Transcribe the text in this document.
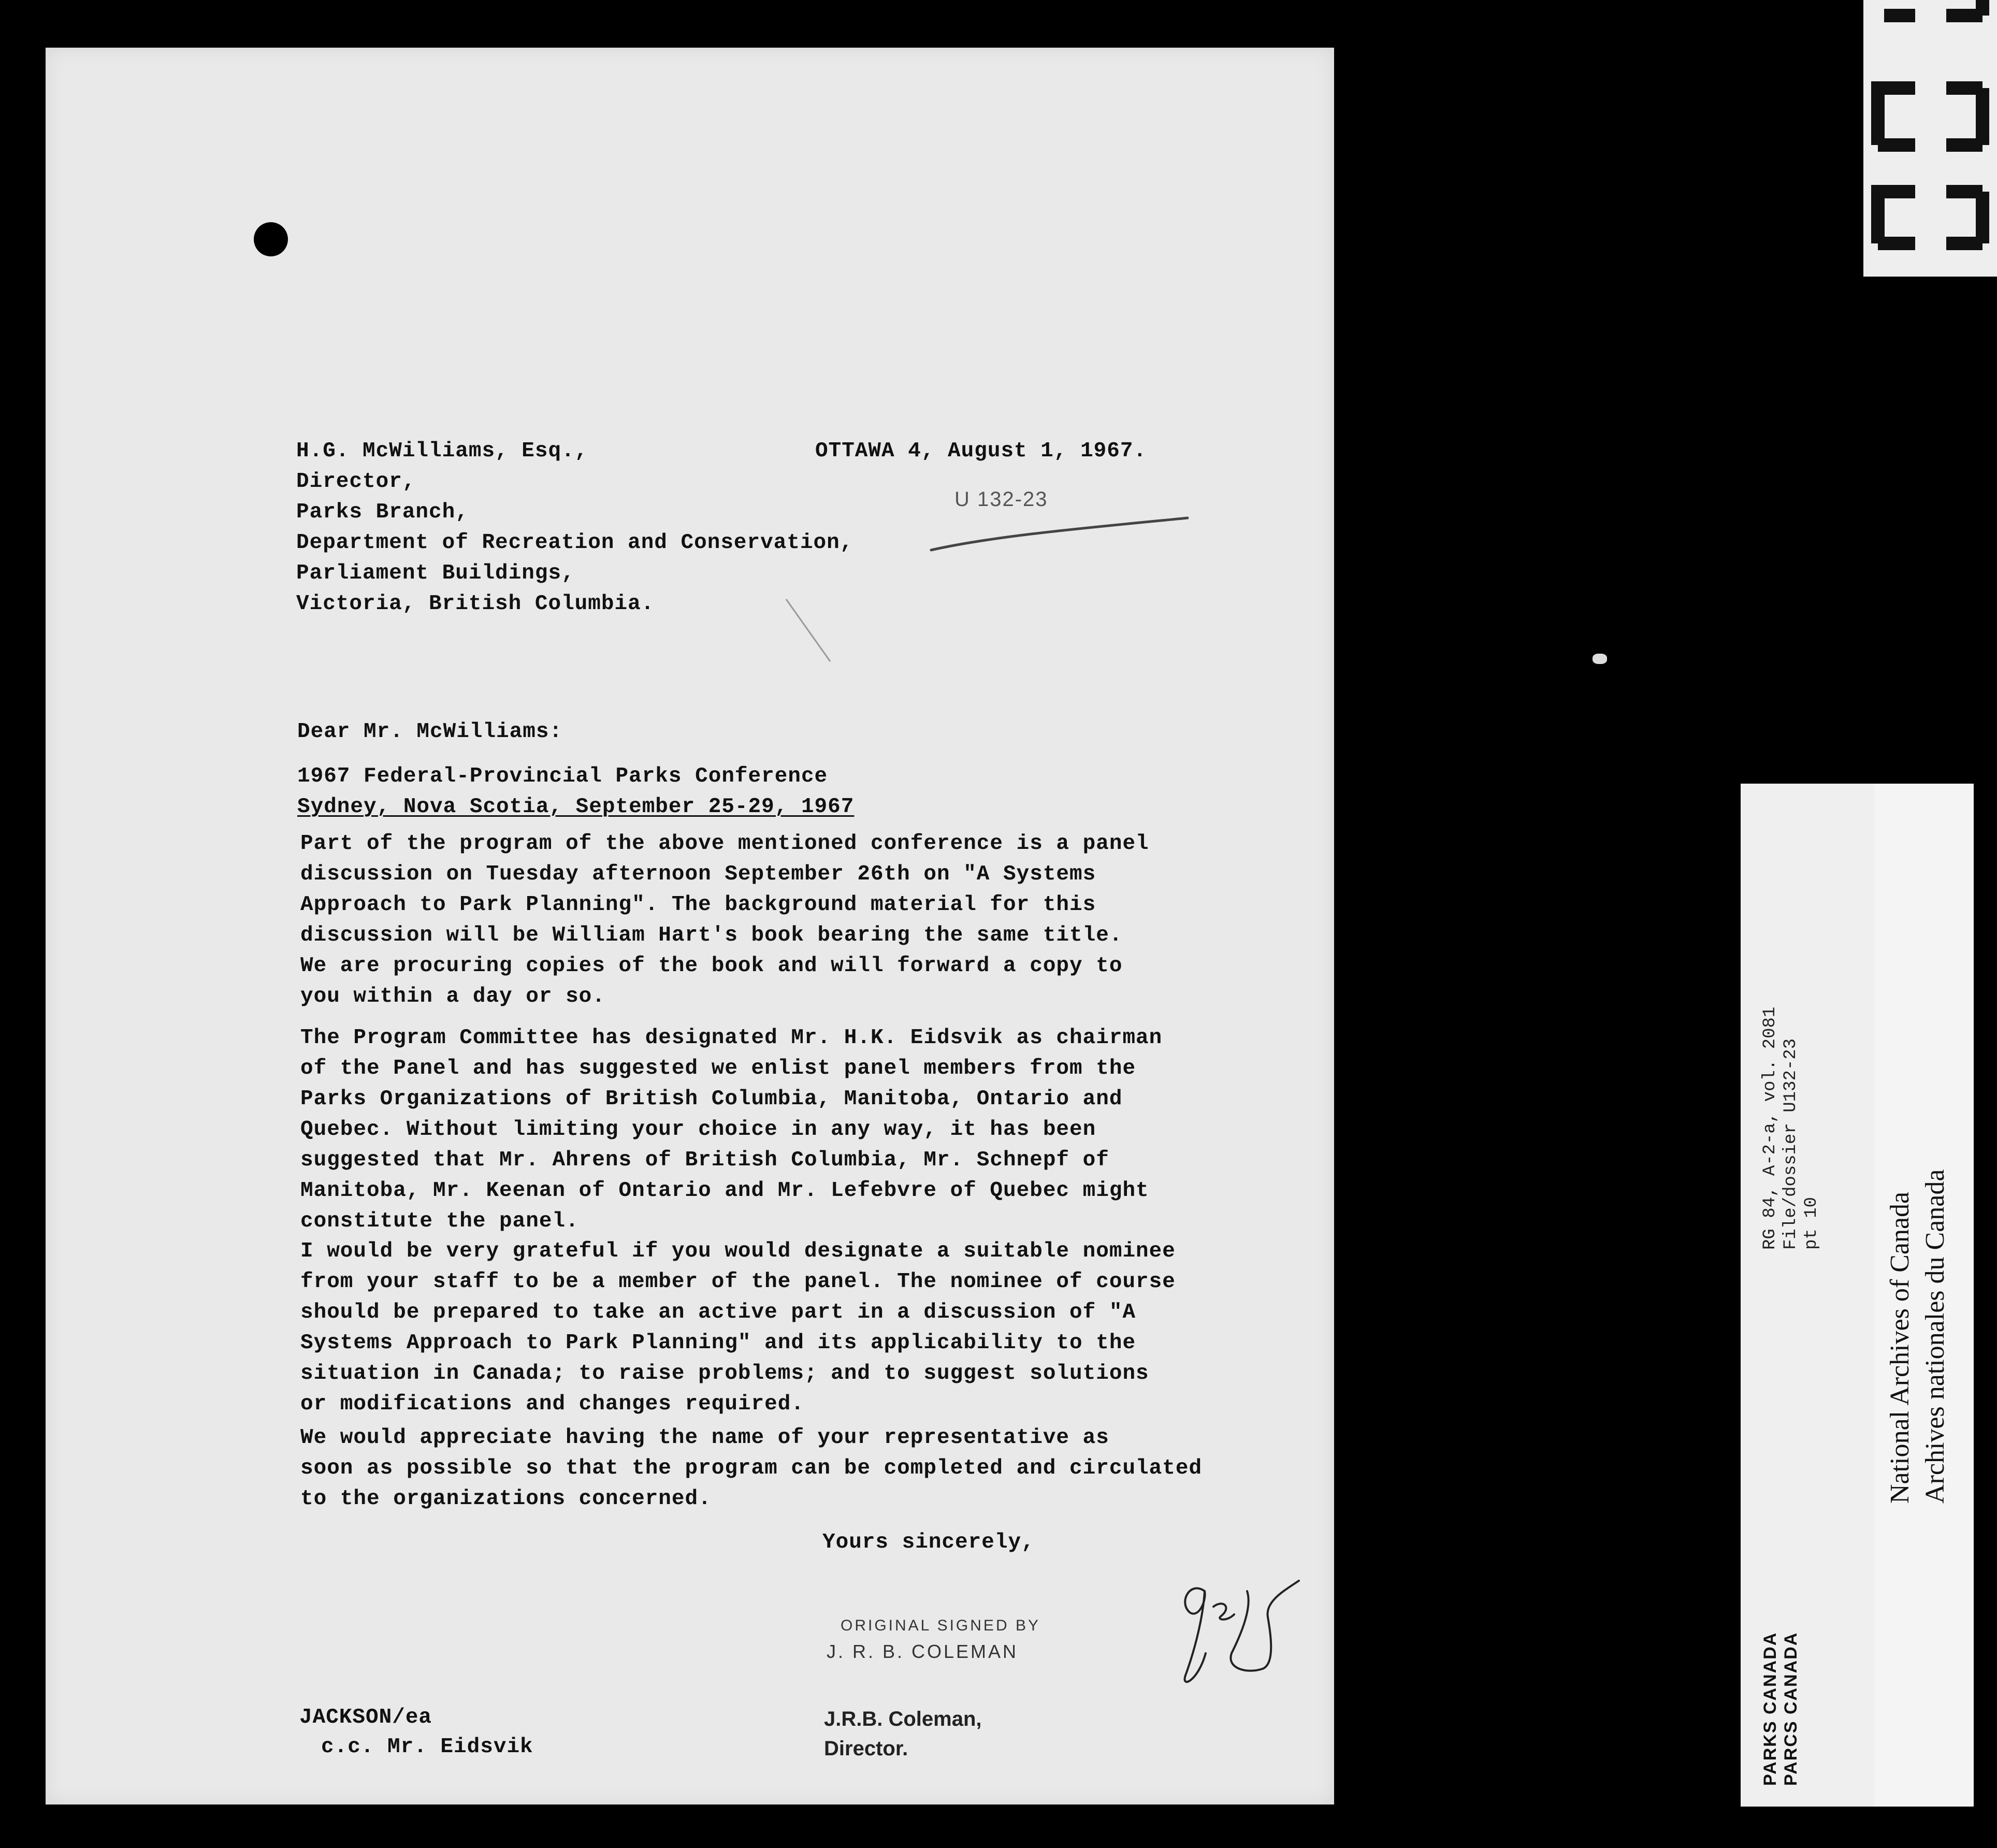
H.G. McWilliams, Esq.,
Director,
Parks Branch,
Department of Recreation and Conservation,
Parliament Buildings,
Victoria, British Columbia.
OTTAWA 4, August 1, 1967.
U 132-23
Dear Mr. McWilliams:
1967 Federal-Provincial Parks Conference
Sydney, Nova Scotia, September 25-29, 1967
Part of the program of the above mentioned conference is a panel
discussion on Tuesday afternoon September 26th on "A Systems
Approach to Park Planning". The background material for this
discussion will be William Hart's book bearing the same title.
We are procuring copies of the book and will forward a copy to
you within a day or so.
The Program Committee has designated Mr. H.K. Eidsvik as chairman
of the Panel and has suggested we enlist panel members from the
Parks Organizations of British Columbia, Manitoba, Ontario and
Quebec. Without limiting your choice in any way, it has been
suggested that Mr. Ahrens of British Columbia, Mr. Schnepf of
Manitoba, Mr. Keenan of Ontario and Mr. Lefebvre of Quebec might
constitute the panel.
I would be very grateful if you would designate a suitable nominee
from your staff to be a member of the panel. The nominee of course
should be prepared to take an active part in a discussion of "A
Systems Approach to Park Planning" and its applicability to the
situation in Canada; to raise problems; and to suggest solutions
or modifications and changes required.
We would appreciate having the name of your representative as
soon as possible so that the program can be completed and circulated
to the organizations concerned.
Yours sincerely,
ORIGINAL SIGNED BY
J. R. B. COLEMAN
JACKSON/ea
c.c. Mr. Eidsvik
J.R.B. Coleman,
Director.
RG 84, A-2-a, vol. 2081 File/dossier U132-23 pt 10
PARKS CANADA PARCS CANADA
National Archives of Canada Archives nationales du Canada
